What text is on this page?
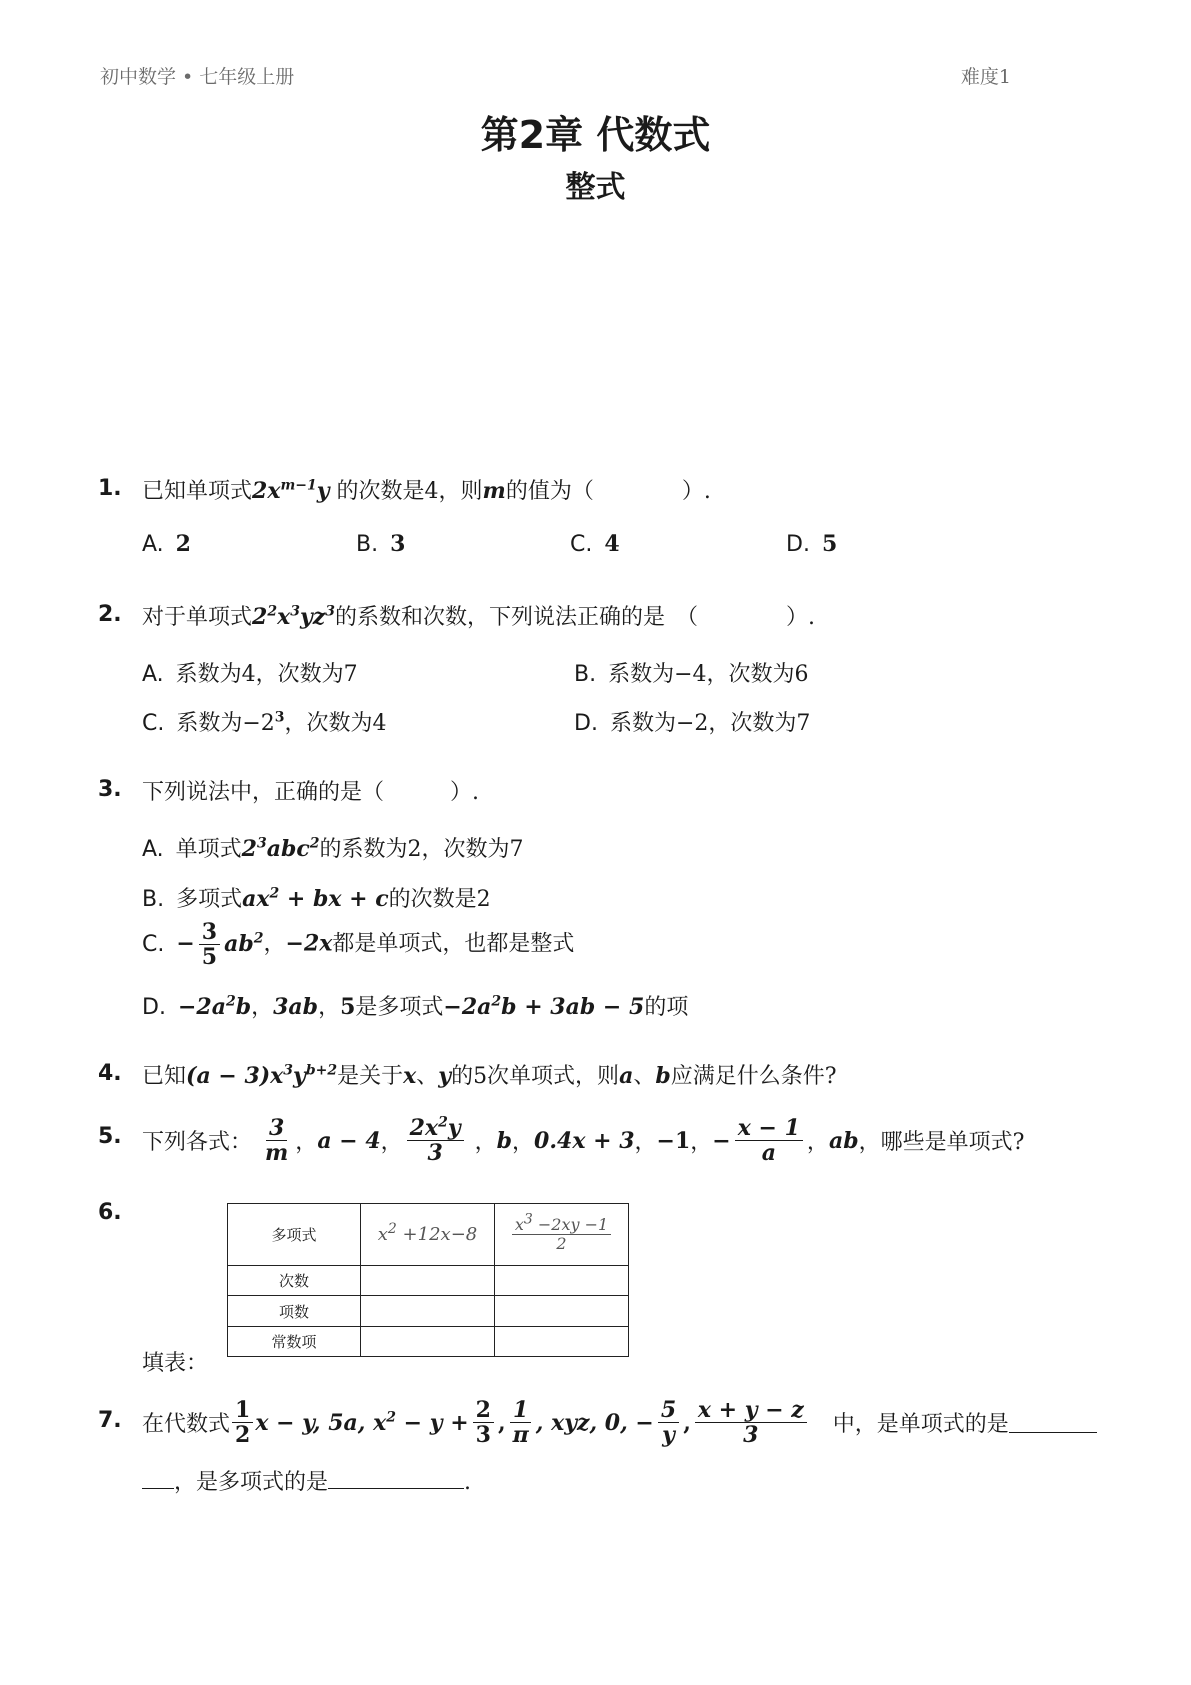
初中数学 • 七年级上册	难度1
第2章 代数式
整式
1. 已知单项式$2x^{m-1}y$ 的次数是4，则m的值为（　　　　）.
A. 2	B. 3	C. 4	D. 5
2. 对于单项式$2^2x^3yz^3$的系数和次数，下列说法正确的是　（　　　　）.
A. 系数为4，次数为7	B. 系数为−4，次数为6
C. 系数为$-2^3$，次数为4	D. 系数为−2，次数为7
3. 下列说法中，正确的是（　　　）.
A. 单项式$2^3abc^2$的系数为2，次数为7
B. 多项式$ax^2$ + bx + c的次数是2
C. − $\frac{3}{5} ab^2$，−2x都是单项式，也都是整式
D. $-2a^2b$，3ab，5是多项式$-2a^2b + 3ab - 5$的项
4. 已知$(a - 3)x^3y^{b+2}$是关于x、y的5次单项式，则a、b应满足什么条件?
5. 下列各式： $\frac{3}{m}$ ， a − 4 ， $\frac{2x^2y}{3}$ ， b ， 0.4x + 3 ， −1 ， − $\frac{x - 1}{a}$ ， ab ，哪些是单项式?
6.
多项式	$x^2 +12x-8$	$\frac{x^3 -2xy -1}{2}$

次数		
项数		
常数项		
填表：
7. 在代数式 $\frac{1}{2}$ x − y, 5a, $x^2 - y + \frac{2}{3}$ , $\frac{1}{\pi}$ , xyz, 0, − $\frac{5}{y}$ , $\frac{x + y - z}{3}$ 　中，是单项式的是
，是多项式的是	.
